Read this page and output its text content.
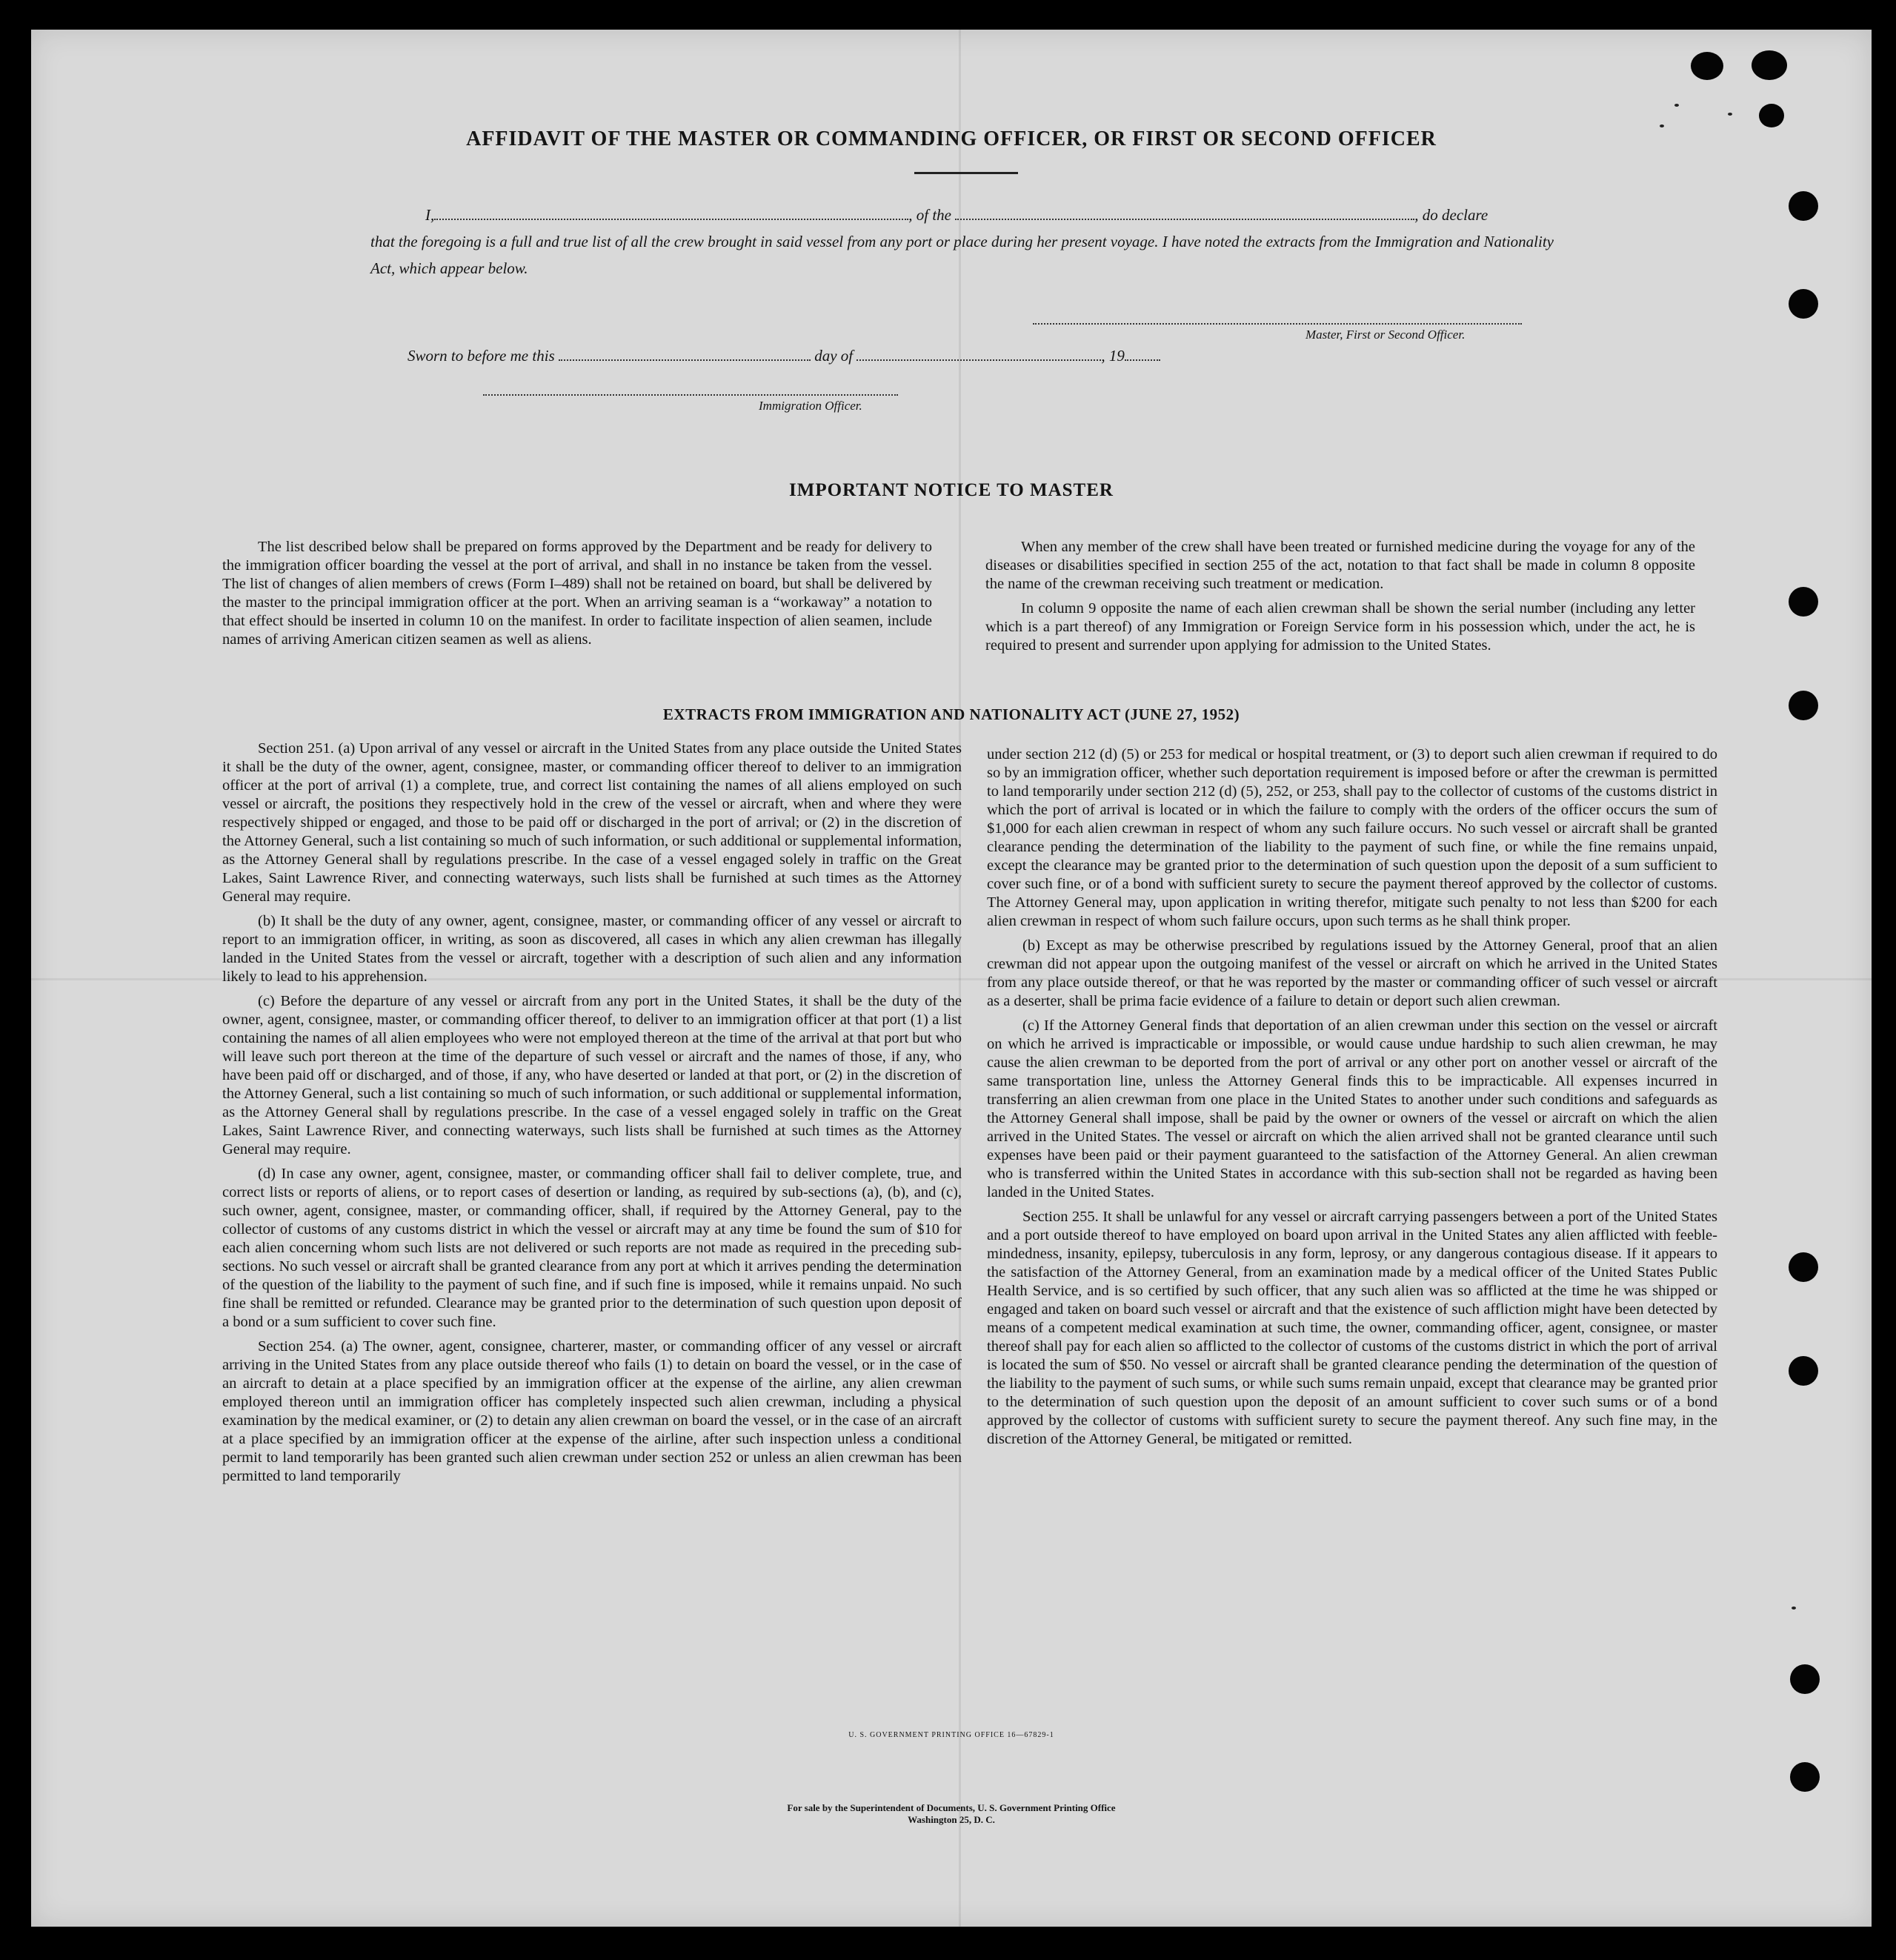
AFFIDAVIT OF THE MASTER OR COMMANDING OFFICER, OR FIRST OR SECOND OFFICER
I,	, of the	, do declare
that the foregoing is a full and true list of all the crew brought in said vessel from any port or place during her present voyage. I have noted the extracts from the Immigration and Nationality Act, which appear below.
Master, First or Second Officer.
Sworn to before me this	day of	, 19
Immigration Officer.
IMPORTANT NOTICE TO MASTER

The list described below shall be prepared on forms approved by the Department and be ready for delivery to the immigration officer boarding the vessel at the port of arrival, and shall in no instance be taken from the vessel. The list of changes of alien members of crews (Form I–489) shall not be retained on board, but shall be delivered by the master to the principal immigration officer at the port. When an arriving seaman is a “workaway” a notation to that effect should be inserted in column 10 on the manifest. In order to facilitate inspection of alien seamen, include names of arriving American citizen seamen as well as aliens.

When any member of the crew shall have been treated or furnished medicine during the voyage for any of the diseases or disabilities specified in section 255 of the act, notation to that fact shall be made in column 8 opposite the name of the crewman receiving such treatment or medication.

In column 9 opposite the name of each alien crewman shall be shown the serial number (including any letter which is a part thereof) of any Immigration or Foreign Service form in his possession which, under the act, he is required to present and surrender upon applying for admission to the United States.

EXTRACTS FROM IMMIGRATION AND NATIONALITY ACT (JUNE 27, 1952)

Section 251. (a) Upon arrival of any vessel or aircraft in the United States from any place outside the United States it shall be the duty of the owner, agent, consignee, master, or commanding officer thereof to deliver to an immigration officer at the port of arrival (1) a complete, true, and correct list containing the names of all aliens employed on such vessel or aircraft, the positions they respectively hold in the crew of the vessel or aircraft, when and where they were respectively shipped or engaged, and those to be paid off or discharged in the port of arrival; or (2) in the discretion of the Attorney General, such a list containing so much of such information, or such additional or supplemental information, as the Attorney General shall by regulations prescribe. In the case of a vessel engaged solely in traffic on the Great Lakes, Saint Lawrence River, and connecting waterways, such lists shall be furnished at such times as the Attorney General may require.

(b) It shall be the duty of any owner, agent, consignee, master, or commanding officer of any vessel or aircraft to report to an immigration officer, in writing, as soon as discovered, all cases in which any alien crewman has illegally landed in the United States from the vessel or aircraft, together with a description of such alien and any information likely to lead to his apprehension.

(c) Before the departure of any vessel or aircraft from any port in the United States, it shall be the duty of the owner, agent, consignee, master, or commanding officer thereof, to deliver to an immigration officer at that port (1) a list containing the names of all alien employees who were not employed thereon at the time of the arrival at that port but who will leave such port thereon at the time of the departure of such vessel or aircraft and the names of those, if any, who have been paid off or discharged, and of those, if any, who have deserted or landed at that port, or (2) in the discretion of the Attorney General, such a list containing so much of such information, or such additional or supplemental information, as the Attorney General shall by regulations prescribe. In the case of a vessel engaged solely in traffic on the Great Lakes, Saint Lawrence River, and connecting waterways, such lists shall be furnished at such times as the Attorney General may require.

(d) In case any owner, agent, consignee, master, or commanding officer shall fail to deliver complete, true, and correct lists or reports of aliens, or to report cases of desertion or landing, as required by sub-sections (a), (b), and (c), such owner, agent, consignee, master, or commanding officer, shall, if required by the Attorney General, pay to the collector of customs of any customs district in which the vessel or aircraft may at any time be found the sum of $10 for each alien concerning whom such lists are not delivered or such reports are not made as required in the preceding sub-sections. No such vessel or aircraft shall be granted clearance from any port at which it arrives pending the determination of the question of the liability to the payment of such fine, and if such fine is imposed, while it remains unpaid. No such fine shall be remitted or refunded. Clearance may be granted prior to the determination of such question upon deposit of a bond or a sum sufficient to cover such fine.

Section 254. (a) The owner, agent, consignee, charterer, master, or commanding officer of any vessel or aircraft arriving in the United States from any place outside thereof who fails (1) to detain on board the vessel, or in the case of an aircraft to detain at a place specified by an immigration officer at the expense of the airline, any alien crewman employed thereon until an immigration officer has completely inspected such alien crewman, including a physical examination by the medical examiner, or (2) to detain any alien crewman on board the vessel, or in the case of an aircraft at a place specified by an immigration officer at the expense of the airline, after such inspection unless a conditional permit to land temporarily has been granted such alien crewman under section 252 or unless an alien crewman has been permitted to land temporarily

under section 212 (d) (5) or 253 for medical or hospital treatment, or (3) to deport such alien crewman if required to do so by an immigration officer, whether such deportation requirement is imposed before or after the crewman is permitted to land temporarily under section 212 (d) (5), 252, or 253, shall pay to the collector of customs of the customs district in which the port of arrival is located or in which the failure to comply with the orders of the officer occurs the sum of $1,000 for each alien crewman in respect of whom any such failure occurs. No such vessel or aircraft shall be granted clearance pending the determination of the liability to the payment of such fine, or while the fine remains unpaid, except the clearance may be granted prior to the determination of such question upon the deposit of a sum sufficient to cover such fine, or of a bond with sufficient surety to secure the payment thereof approved by the collector of customs. The Attorney General may, upon application in writing therefor, mitigate such penalty to not less than $200 for each alien crewman in respect of whom such failure occurs, upon such terms as he shall think proper.

(b) Except as may be otherwise prescribed by regulations issued by the Attorney General, proof that an alien crewman did not appear upon the outgoing manifest of the vessel or aircraft on which he arrived in the United States from any place outside thereof, or that he was reported by the master or commanding officer of such vessel or aircraft as a deserter, shall be prima facie evidence of a failure to detain or deport such alien crewman.

(c) If the Attorney General finds that deportation of an alien crewman under this section on the vessel or aircraft on which he arrived is impracticable or impossible, or would cause undue hardship to such alien crewman, he may cause the alien crewman to be deported from the port of arrival or any other port on another vessel or aircraft of the same transportation line, unless the Attorney General finds this to be impracticable. All expenses incurred in transferring an alien crewman from one place in the United States to another under such conditions and safeguards as the Attorney General shall impose, shall be paid by the owner or owners of the vessel or aircraft on which the alien arrived in the United States. The vessel or aircraft on which the alien arrived shall not be granted clearance until such expenses have been paid or their payment guaranteed to the satisfaction of the Attorney General. An alien crewman who is transferred within the United States in accordance with this sub-section shall not be regarded as having been landed in the United States.

Section 255. It shall be unlawful for any vessel or aircraft carrying passengers between a port of the United States and a port outside thereof to have employed on board upon arrival in the United States any alien afflicted with feeble-mindedness, insanity, epilepsy, tuberculosis in any form, leprosy, or any dangerous contagious disease. If it appears to the satisfaction of the Attorney General, from an examination made by a medical officer of the United States Public Health Service, and is so certified by such officer, that any such alien was so afflicted at the time he was shipped or engaged and taken on board such vessel or aircraft and that the existence of such affliction might have been detected by means of a competent medical examination at such time, the owner, commanding officer, agent, consignee, or master thereof shall pay for each alien so afflicted to the collector of customs of the customs district in which the port of arrival is located the sum of $50. No vessel or aircraft shall be granted clearance pending the determination of the question of the liability to the payment of such sums, or while such sums remain unpaid, except that clearance may be granted prior to the determination of such question upon the deposit of an amount sufficient to cover such sums or of a bond approved by the collector of customs with sufficient surety to secure the payment thereof. Any such fine may, in the discretion of the Attorney General, be mitigated or remitted.

U. S. GOVERNMENT PRINTING OFFICE 16—67829-1
For sale by the Superintendent of Documents, U. S. Government Printing Office
Washington 25, D. C.
